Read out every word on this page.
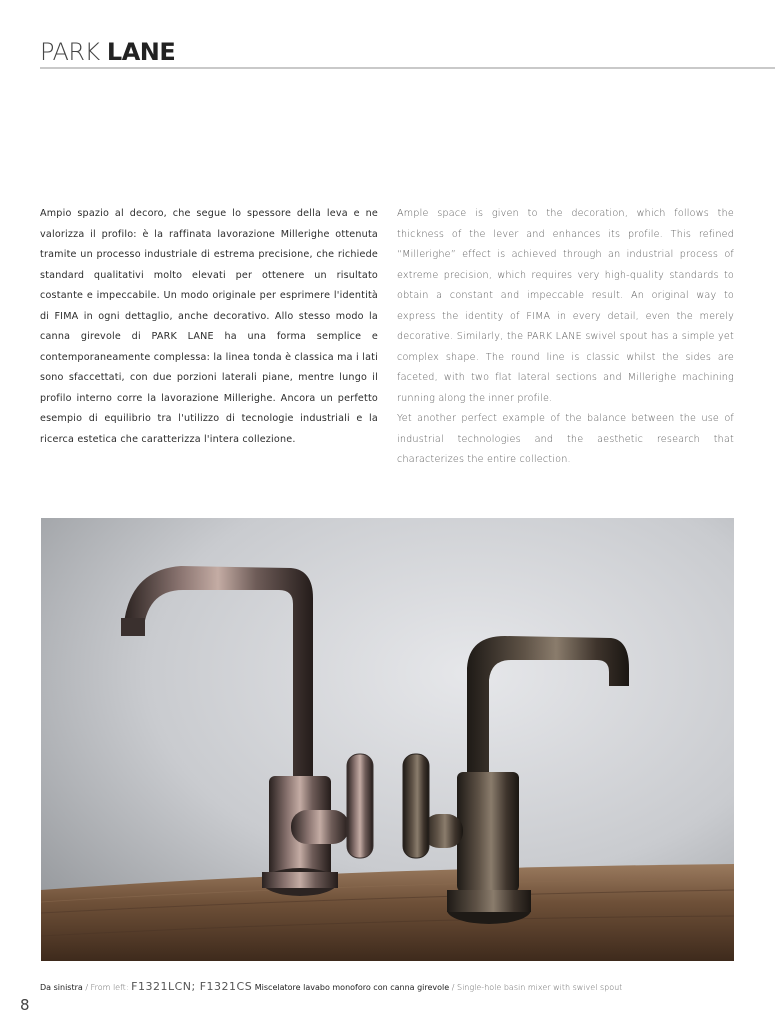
PARK LANE

Ampio spazio al decoro, che segue lo spessore della leva e ne valorizza il profilo: è la raffinata lavorazione Millerighe ottenuta tramite un processo industriale di estrema precisione, che richiede standard qualitativi molto elevati per ottenere un risultato costante e impeccabile. Un modo originale per esprimere l'identità di FIMA in ogni dettaglio, anche decorativo. Allo stesso modo la canna girevole di PARK LANE ha una forma semplice e contemporaneamente complessa: la linea tonda è classica ma i lati sono sfaccettati, con due porzioni laterali piane, mentre lungo il profilo interno corre la lavorazione Millerighe. Ancora un perfetto esempio di equilibrio tra l'utilizzo di tecnologie industriali e la ricerca estetica che caratterizza l'intera collezione.

Ample space is given to the decoration, which follows the thickness of the lever and enhances its profile. This refined “Millerighe” effect is achieved through an industrial process of extreme precision, which requires very high-quality standards to obtain a constant and impeccable result. An original way to express the identity of FIMA in every detail, even the merely decorative. Similarly, the PARK LANE swivel spout has a simple yet complex shape. The round line is classic whilst the sides are faceted, with two flat lateral sections and Millerighe machining running along the inner profile.

Yet another perfect example of the balance between the use of industrial technologies and the aesthetic research that characterizes the entire collection.

Da sinistra / From left: F1321LCN; F1321CS Miscelatore lavabo monoforo con canna girevole / Single-hole basin mixer with swivel spout
8
